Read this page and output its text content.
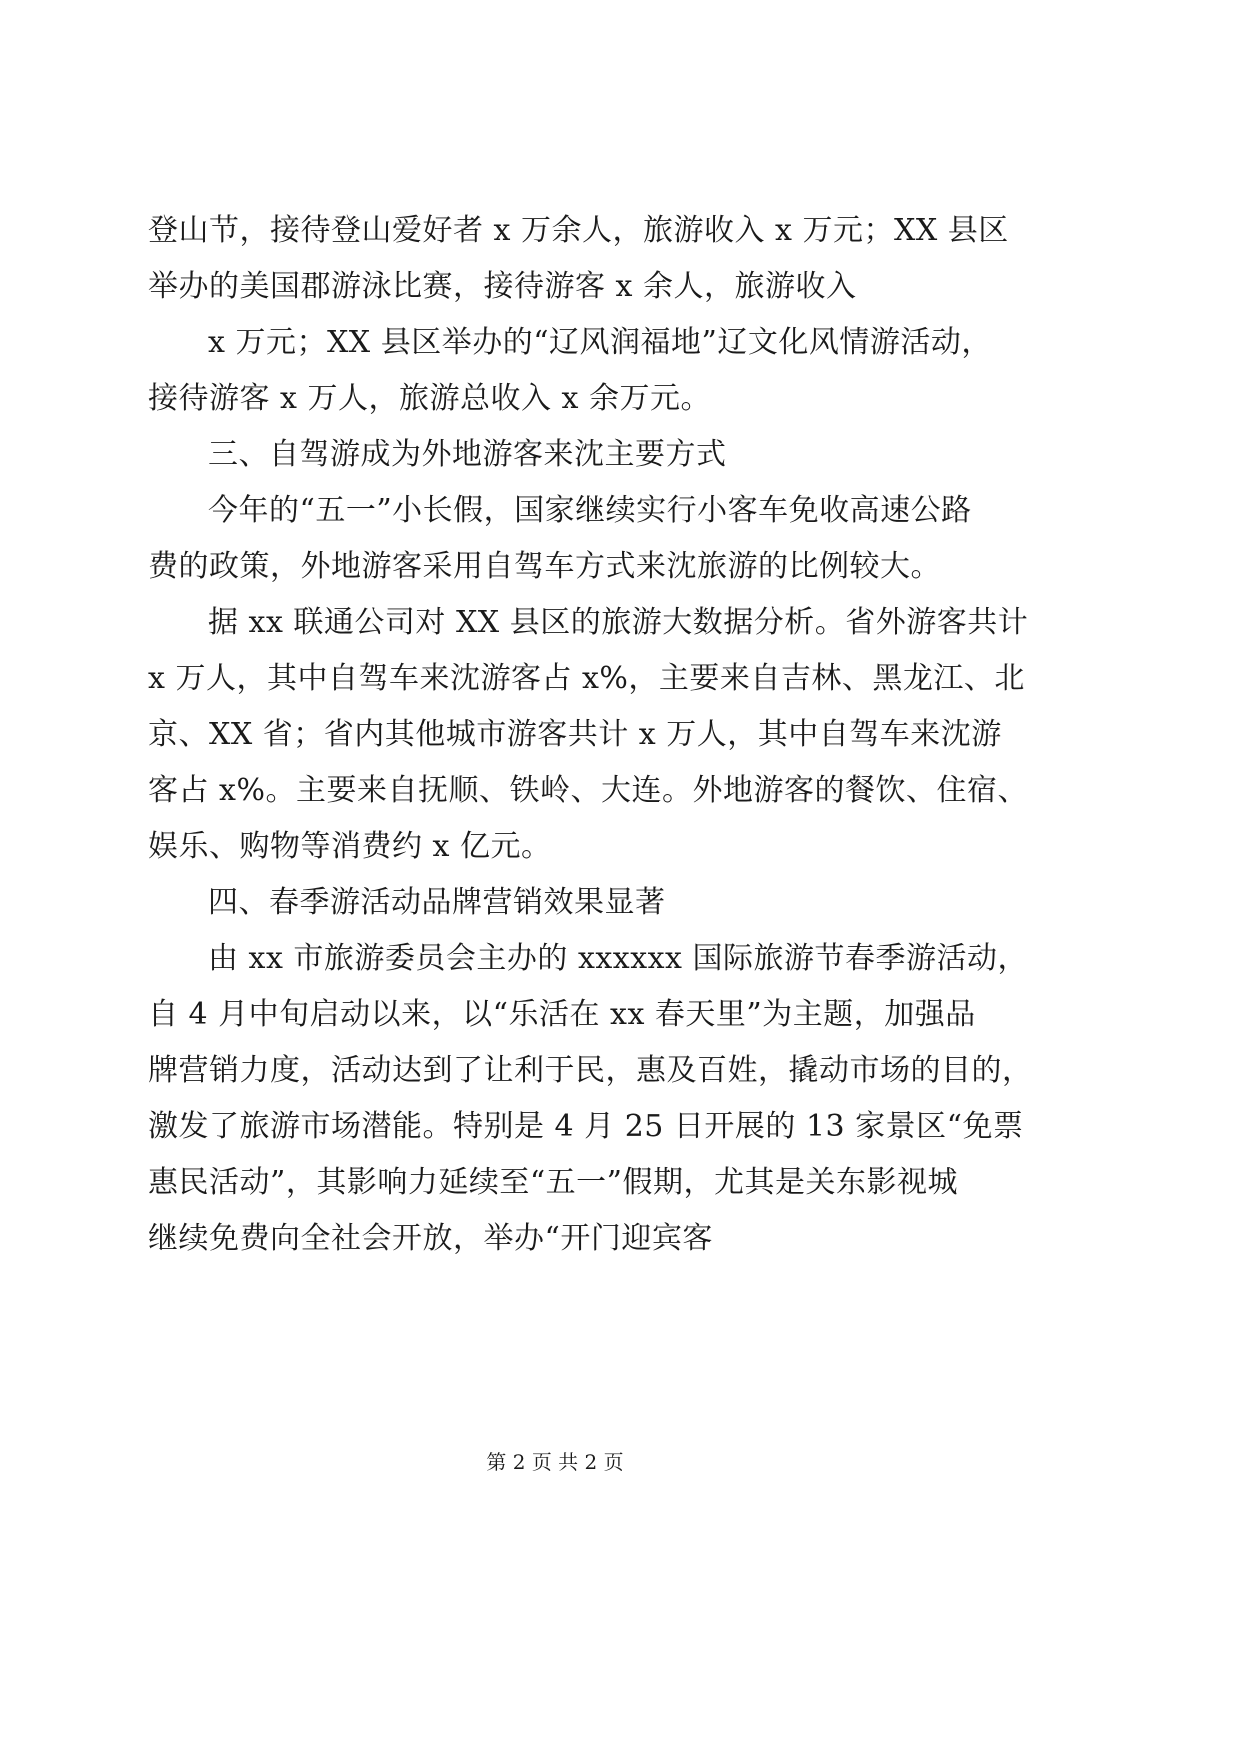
登山节，接待登山爱好者 x 万余人，旅游收入 x 万元；XX 县区
举办的美国郡游泳比赛，接待游客 x 余人，旅游收入
x 万元；XX 县区举办的“辽风润福地”辽文化风情游活动，
接待游客 x 万人，旅游总收入 x 余万元。
三、自驾游成为外地游客来沈主要方式
今年的“五一”小长假，国家继续实行小客车免收高速公路
费的政策，外地游客采用自驾车方式来沈旅游的比例较大。
据 xx 联通公司对 XX 县区的旅游大数据分析。省外游客共计
x 万人，其中自驾车来沈游客占 x%，主要来自吉林、黑龙江、北
京、XX 省；省内其他城市游客共计 x 万人，其中自驾车来沈游
客占 x%。主要来自抚顺、铁岭、大连。外地游客的餐饮、住宿、
娱乐、购物等消费约 x 亿元。
四、春季游活动品牌营销效果显著
由 xx 市旅游委员会主办的 xxxxxx 国际旅游节春季游活动，
自 4 月中旬启动以来，以“乐活在 xx 春天里”为主题，加强品
牌营销力度，活动达到了让利于民，惠及百姓，撬动市场的目的，
激发了旅游市场潜能。特别是 4 月 25 日开展的 13 家景区“免票
惠民活动”，其影响力延续至“五一”假期，尤其是关东影视城
继续免费向全社会开放，举办“开门迎宾客
第 2 页 共 2 页
